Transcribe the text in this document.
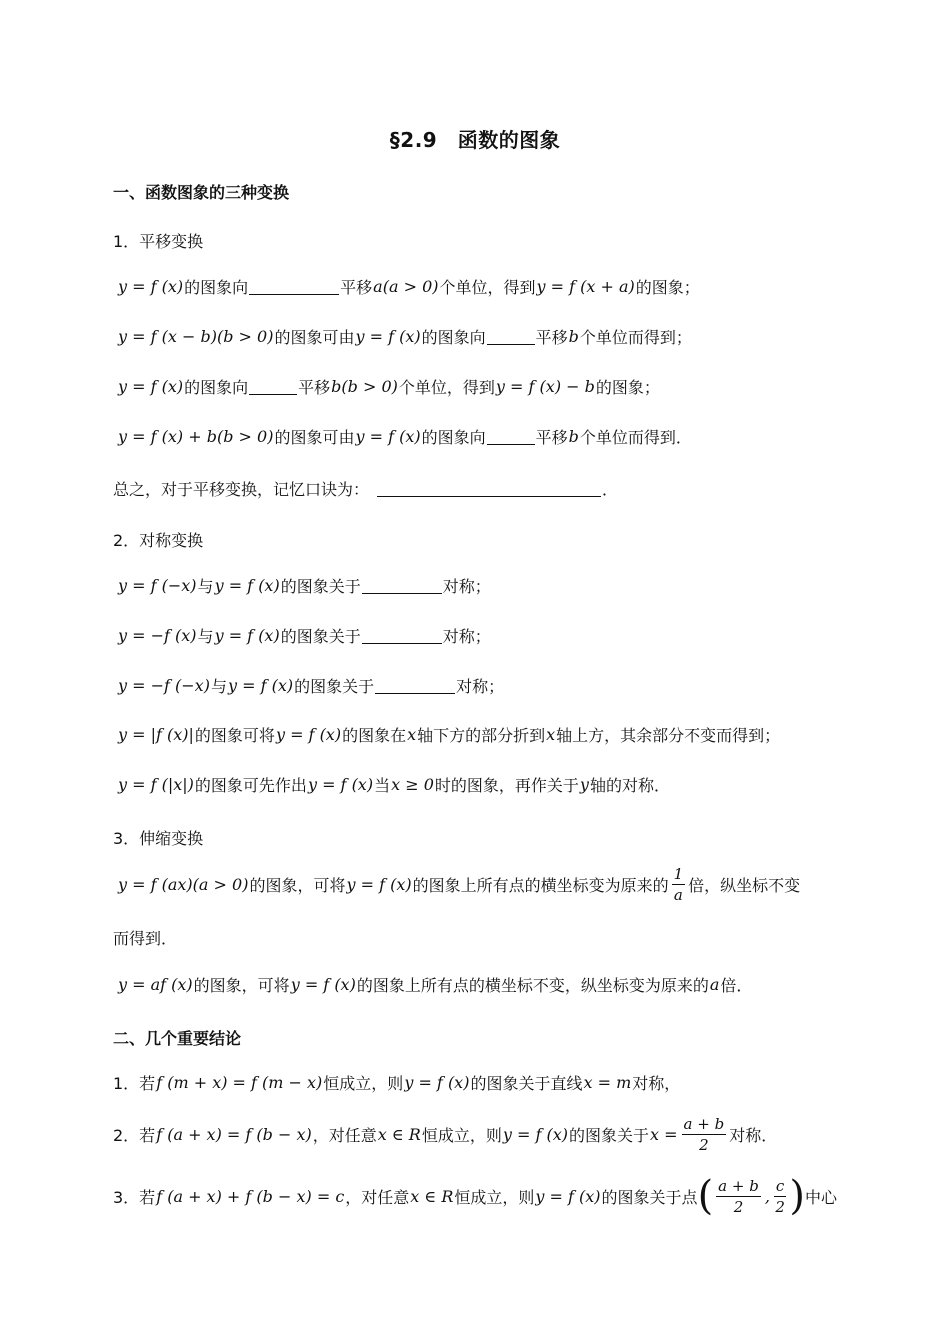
§2.9　函数的图象
一、函数图象的三种变换
1．平移变换
y = f (x) 的图象向	平移 a(a > 0) 个单位，得到 y = f (x + a) 的图象；
y = f (x − b)(b > 0) 的图象可由 y = f (x) 的图象向	平移 b 个单位而得到；
y = f (x) 的图象向	平移 b(b > 0) 个单位，得到 y = f (x) − b 的图象；
y = f (x) + b(b > 0) 的图象可由 y = f (x) 的图象向	平移 b 个单位而得到．
总之，对于平移变换，记忆口诀为：	．
2．对称变换
y = f (−x) 与 y = f (x) 的图象关于	对称；
y = −f (x) 与 y = f (x) 的图象关于	对称；
y = −f (−x) 与 y = f (x) 的图象关于	对称；
y = |f (x)| 的图象可将 y = f (x) 的图象在 x 轴下方的部分折到 x 轴上方，其余部分不变而得到；
y = f (|x|) 的图象可先作出 y = f (x) 当 x ≥ 0 时的图象，再作关于 y 轴的对称．
3．伸缩变换
y = f (ax)(a > 0) 的图象，可将 y = f (x) 的图象上所有点的横坐标变为原来的 $\frac{1}{a}$ 倍，纵坐标不变
而得到．
y = af (x) 的图象，可将 y = f (x) 的图象上所有点的横坐标不变，纵坐标变为原来的 a 倍．
二、几个重要结论
1．若 f (m + x) = f (m − x) 恒成立，则 y = f (x) 的图象关于直线 x = m 对称，
2．若 f (a + x) = f (b − x) ，对任意 x ∈ R 恒成立，则 y = f (x) 的图象关于 $x = \frac{a + b}{2}$ 对称．
3．若 f (a + x) + f (b − x) = c ，对任意 x ∈ R 恒成立，则 y = f (x) 的图象关于点 ( $\frac{a + b}{2}$ , $\frac{c}{2}$ ) 中心
